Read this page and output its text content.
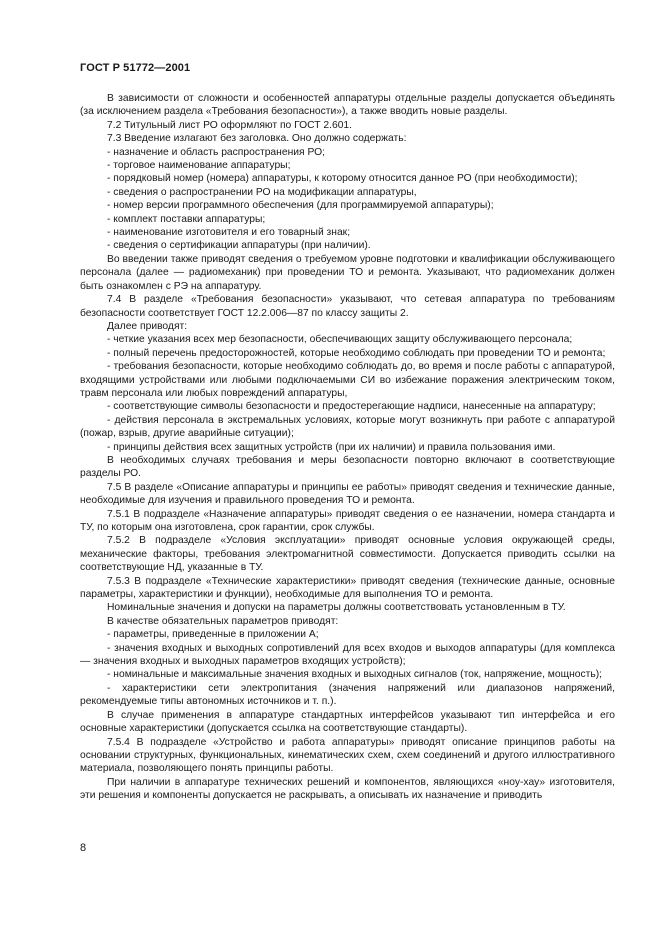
ГОСТ Р 51772—2001

В зависимости от сложности и особенностей аппаратуры отдельные разделы допускается объединять (за исключением раздела «Требования безопасности»), а также вводить новые разделы.

7.2 Титульный лист РО оформляют по ГОСТ 2.601.

7.3 Введение излагают без заголовка. Оно должно содержать:

- назначение и область распространения РО;

- торговое наименование аппаратуры;

- порядковый номер (номера) аппаратуры, к которому относится данное РО (при необходимости);

- сведения о распространении РО на модификации аппаратуры,

- номер версии программного обеспечения (для программируемой аппаратуры);

- комплект поставки аппаратуры;

- наименование изготовителя и его товарный знак;

- сведения о сертификации аппаратуры (при наличии).

Во введении также приводят сведения о требуемом уровне подготовки и квалификации обслуживающего персонала (далее — радиомеханик) при проведении ТО и ремонта. Указывают, что радиомеханик должен быть ознакомлен с РЭ на аппаратуру.

7.4 В разделе «Требования безопасности» указывают, что сетевая аппаратура по требованиям безопасности соответствует ГОСТ 12.2.006—87 по классу защиты 2.

Далее приводят:

- четкие указания всех мер безопасности, обеспечивающих защиту обслуживающего персонала;

- полный перечень предосторожностей, которые необходимо соблюдать при проведении ТО и ремонта;

- требования безопасности, которые необходимо соблюдать до, во время и после работы с аппаратурой, входящими устройствами или любыми подключаемыми СИ во избежание поражения электрическим током, травм персонала или любых повреждений аппаратуры,

- соответствующие символы безопасности и предостерегающие надписи, нанесенные на аппаратуру;

- действия персонала в экстремальных условиях, которые могут возникнуть при работе с аппаратурой (пожар, взрыв, другие аварийные ситуации);

- принципы действия всех защитных устройств (при их наличии) и правила пользования ими.

В необходимых случаях требования и меры безопасности повторно включают в соответствующие разделы РО.

7.5 В разделе «Описание аппаратуры и принципы ее работы» приводят сведения и технические данные, необходимые для изучения и правильного проведения ТО и ремонта.

7.5.1 В подразделе «Назначение аппаратуры» приводят сведения о ее назначении, номера стандарта и ТУ, по которым она изготовлена, срок гарантии, срок службы.

7.5.2 В подразделе «Условия эксплуатации» приводят основные условия окружающей среды, механические факторы, требования электромагнитной совместимости. Допускается приводить ссылки на соответствующие НД, указанные в ТУ.

7.5.3 В подразделе «Технические характеристики» приводят сведения (технические данные, основные параметры, характеристики и функции), необходимые для выполнения ТО и ремонта.

Номинальные значения и допуски на параметры должны соответствовать установленным в ТУ.

В качестве обязательных параметров приводят:

- параметры, приведенные в приложении А;

- значения входных и выходных сопротивлений для всех входов и выходов аппаратуры (для комплекса — значения входных и выходных параметров входящих устройств);

- номинальные и максимальные значения входных и выходных сигналов (ток, напряжение, мощность);

- характеристики сети электропитания (значения напряжений или диапазонов напряжений, рекомендуемые типы автономных источников и т. п.).

В случае применения в аппаратуре стандартных интерфейсов указывают тип интерфейса и его основные характеристики (допускается ссылка на соответствующие стандарты).

7.5.4 В подразделе «Устройство и работа аппаратуры» приводят описание принципов работы на основании структурных, функциональных, кинематических схем, схем соединений и другого иллюстративного материала, позволяющего понять принципы работы.

При наличии в аппаратуре технических решений и компонентов, являющихся «ноу-хау» изготовителя, эти решения и компоненты допускается не раскрывать, а описывать их назначение и приводить

8
